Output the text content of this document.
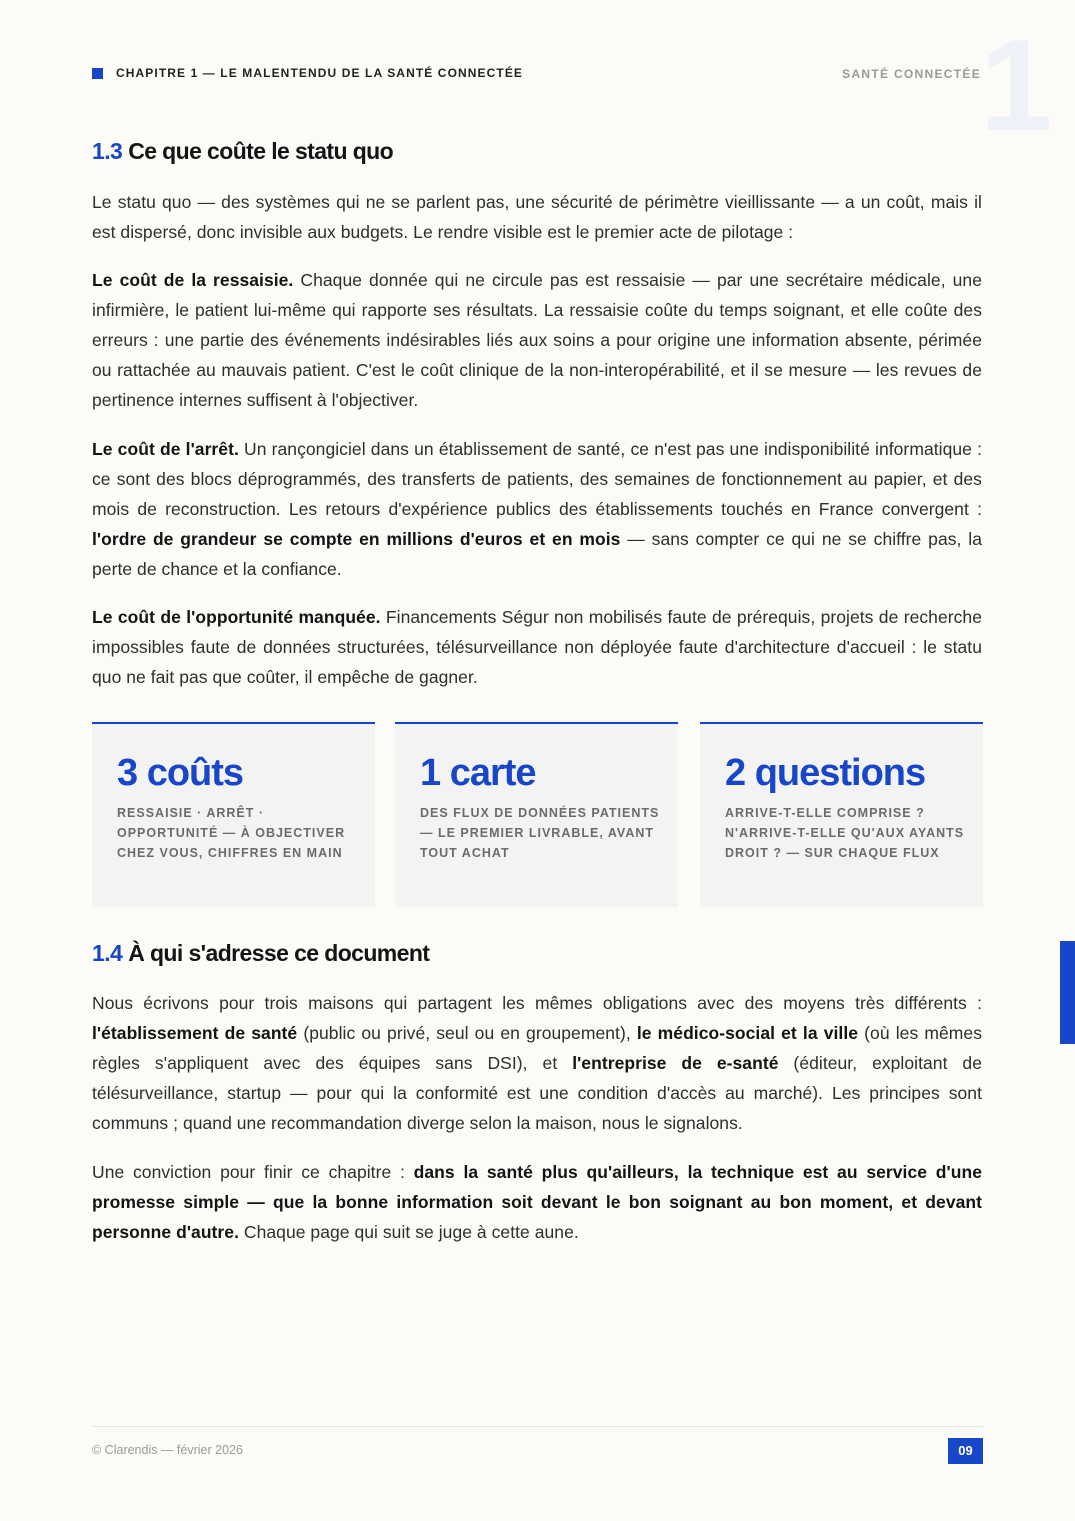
1
CHAPITRE 1 — LE MALENTENDU DE LA SANTÉ CONNECTÉE	SANTÉ CONNECTÉE
1.3 Ce que coûte le statu quo

Le statu quo — des systèmes qui ne se parlent pas, une sécurité de périmètre vieillissante — a un coût, mais il est dispersé, donc invisible aux budgets. Le rendre visible est le premier acte de pilotage :

Le coût de la ressaisie. Chaque donnée qui ne circule pas est ressaisie — par une secrétaire médicale, une infirmière, le patient lui-même qui rapporte ses résultats. La ressaisie coûte du temps soignant, et elle coûte des erreurs : une partie des événements indésirables liés aux soins a pour origine une information absente, périmée ou rattachée au mauvais patient. C'est le coût clinique de la non-interopérabilité, et il se mesure — les revues de pertinence internes suffisent à l'objectiver.

Le coût de l'arrêt. Un rançongiciel dans un établissement de santé, ce n'est pas une indisponibilité informatique : ce sont des blocs déprogrammés, des transferts de patients, des semaines de fonctionnement au papier, et des mois de reconstruction. Les retours d'expérience publics des établissements touchés en France convergent : l'ordre de grandeur se compte en millions d'euros et en mois — sans compter ce qui ne se chiffre pas, la perte de chance et la confiance.

Le coût de l'opportunité manquée. Financements Ségur non mobilisés faute de prérequis, projets de recherche impossibles faute de données structurées, télésurveillance non déployée faute d'architecture d'accueil : le statu quo ne fait pas que coûter, il empêche de gagner.

3 coûts
RESSAISIE · ARRÊT · OPPORTUNITÉ — À OBJECTIVER CHEZ VOUS, CHIFFRES EN MAIN
1 carte
DES FLUX DE DONNÉES PATIENTS — LE PREMIER LIVRABLE, AVANT TOUT ACHAT
2 questions
ARRIVE-T-ELLE COMPRISE ? N'ARRIVE-T-ELLE QU'AUX AYANTS DROIT ? — SUR CHAQUE FLUX
1.4 À qui s'adresse ce document

Nous écrivons pour trois maisons qui partagent les mêmes obligations avec des moyens très différents : l'établissement de santé (public ou privé, seul ou en groupement), le médico-social et la ville (où les mêmes règles s'appliquent avec des équipes sans DSI), et l'entreprise de e-santé (éditeur, exploitant de télésurveillance, startup — pour qui la conformité est une condition d'accès au marché). Les principes sont communs ; quand une recommandation diverge selon la maison, nous le signalons.

Une conviction pour finir ce chapitre : dans la santé plus qu'ailleurs, la technique est au service d'une promesse simple — que la bonne information soit devant le bon soignant au bon moment, et devant personne d'autre. Chaque page qui suit se juge à cette aune.

© Clarendis — février 2026	09
